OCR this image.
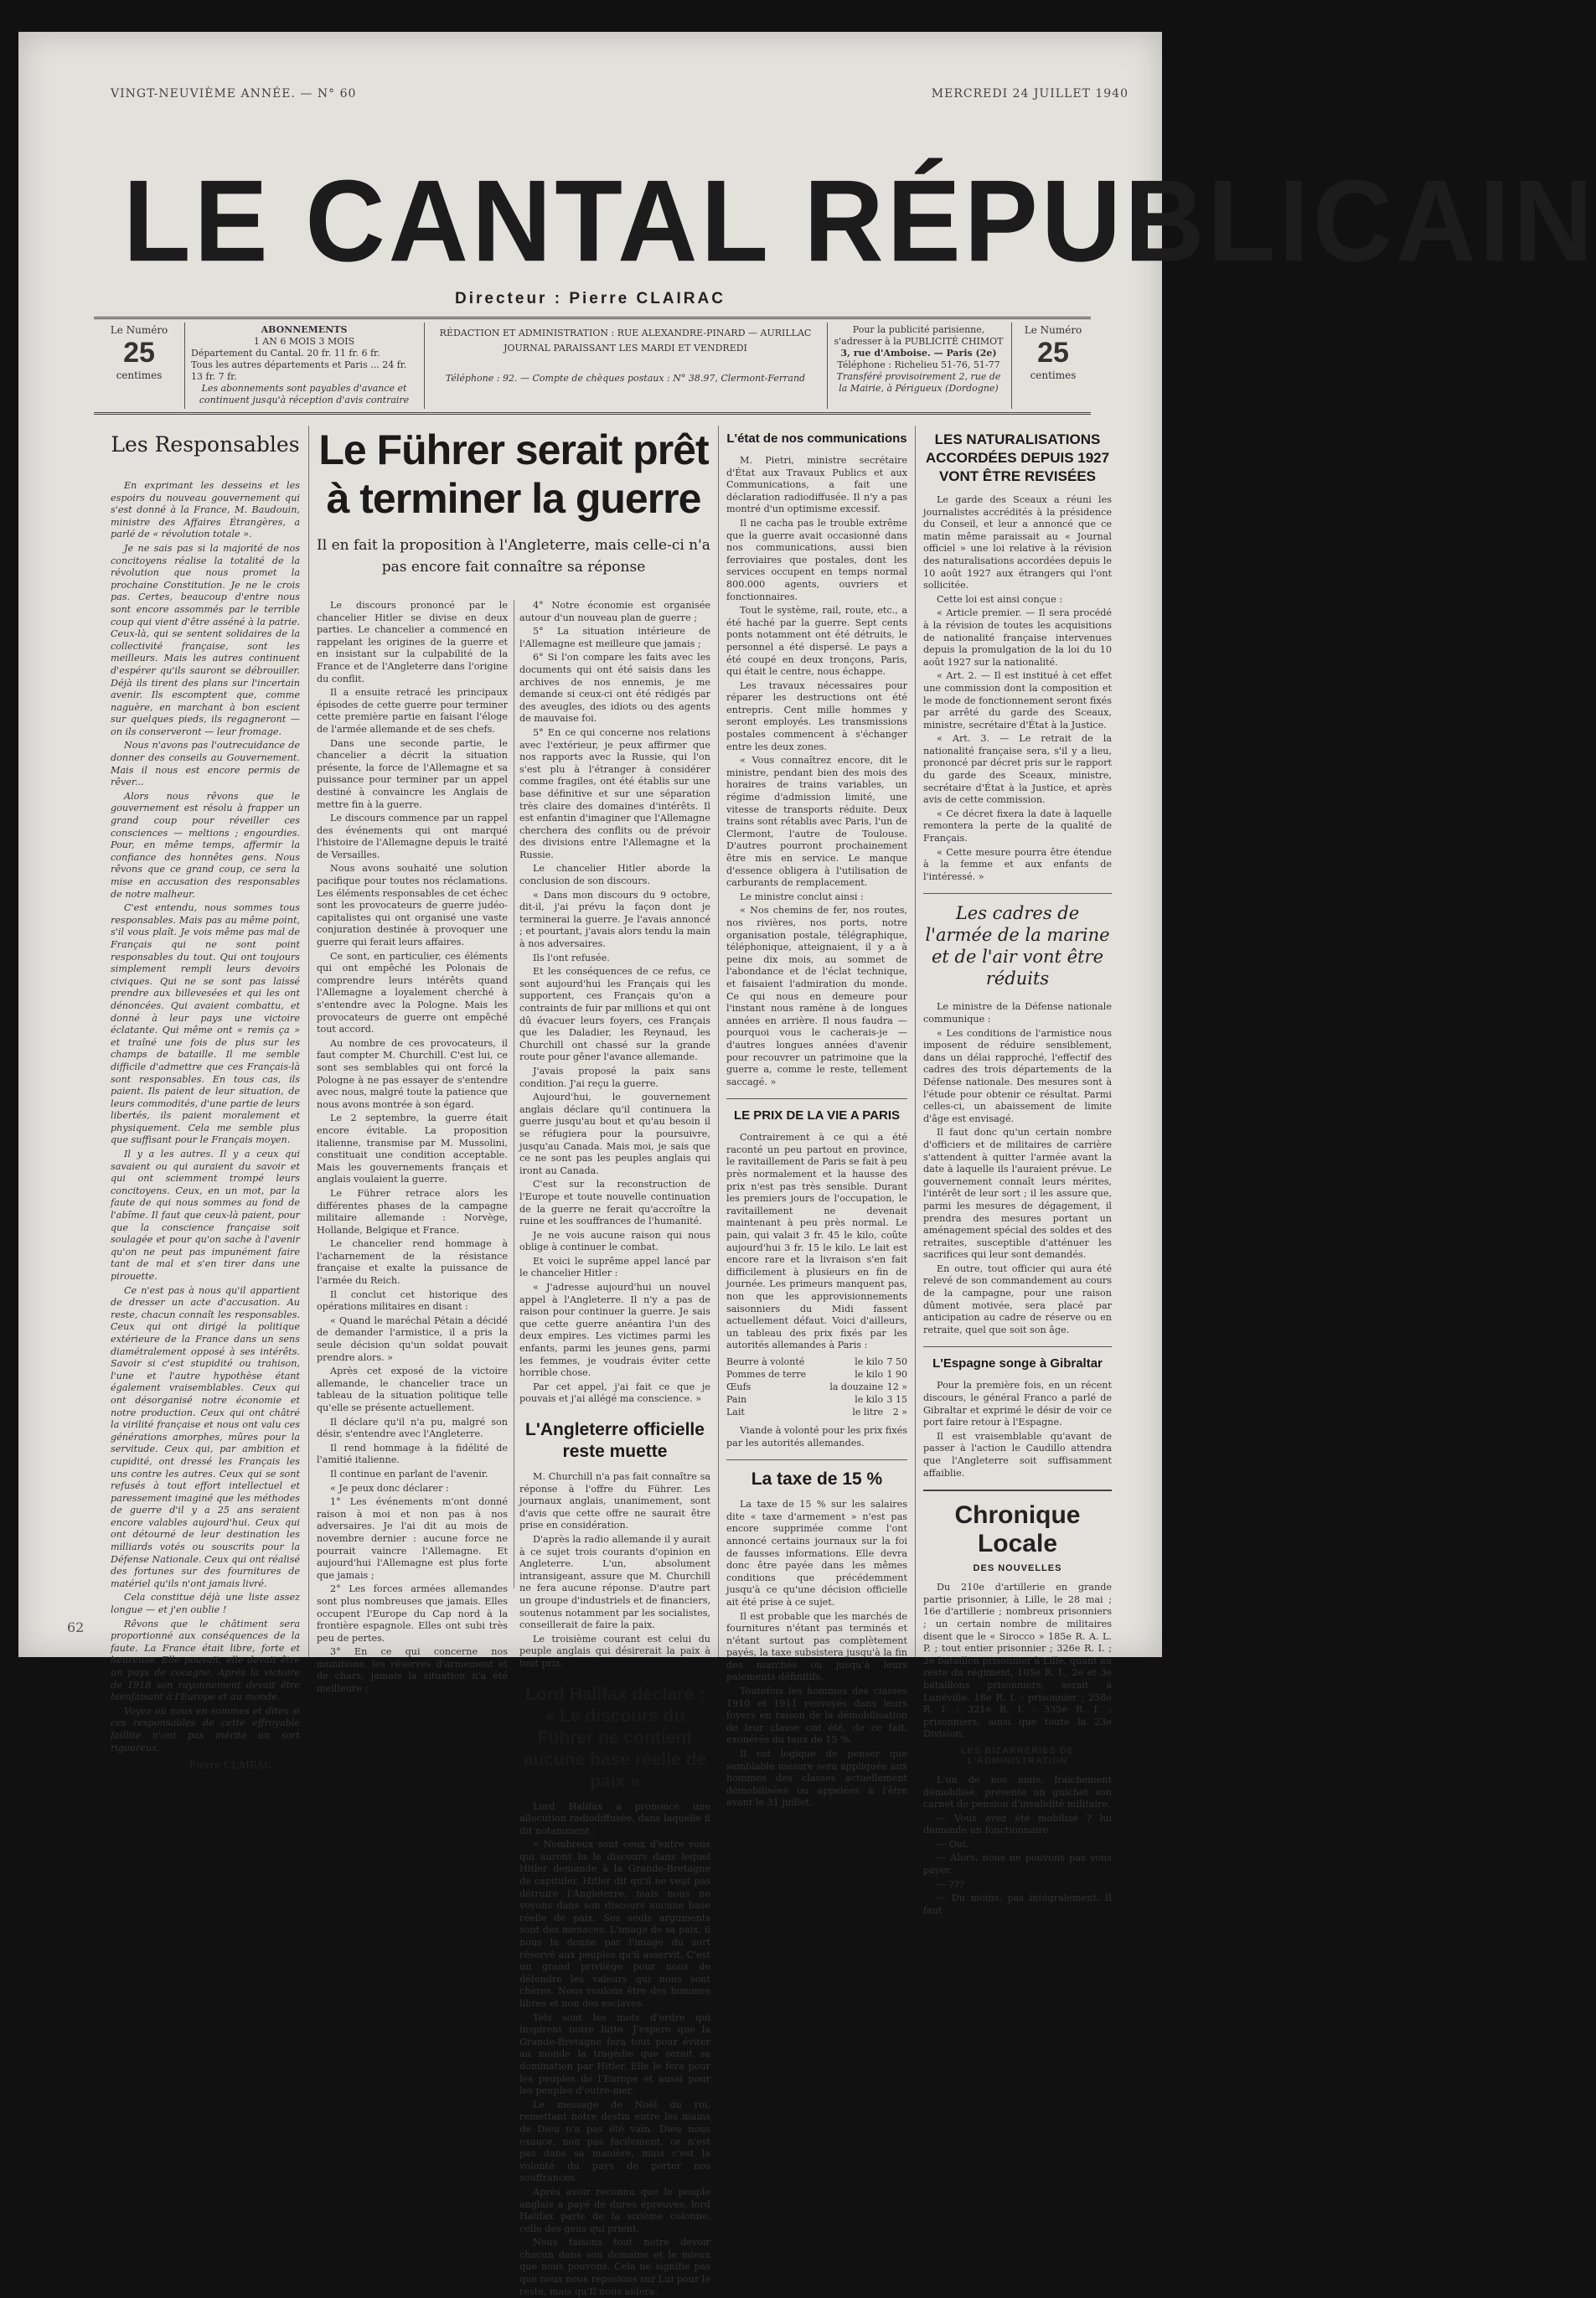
VINGT-NEUVIÈME ANNÉE. — N° 60	MERCREDI 24 JUILLET 1940
LE CANTAL RÉPUBLICAIN
Directeur : Pierre CLAIRAC
Le Numéro
25
centimes
ABONNEMENTS
1 AN 6 MOIS 3 MOIS
Département du Cantal. 20 fr. 11 fr. 6 fr.
Tous les autres départements et Paris ... 24 fr. 13 fr. 7 fr.
Les abonnements sont payables d'avance et continuent jusqu'à réception d'avis contraire
RÉDACTION ET ADMINISTRATION : RUE ALEXANDRE-PINARD — AURILLAC
JOURNAL PARAISSANT LES MARDI ET VENDREDI
Téléphone : 92. — Compte de chèques postaux : N° 38.97, Clermont-Ferrand
Pour la publicité parisienne, s'adresser à la PUBLICITÉ CHIMOT
3, rue d'Amboise. — Paris (2e)
Téléphone : Richelieu 51-76, 51-77
Transféré provisoirement 2, rue de la Mairie, à Périgueux (Dordogne)
Le Numéro
25
centimes
Les Responsables

En exprimant les desseins et les espoirs du nouveau gouvernement qui s'est donné à la France, M. Baudouin, ministre des Affaires Étrangères, a parlé de « révolution totale ».

Je ne sais pas si la majorité de nos concitoyens réalise la totalité de la révolution que nous promet la prochaine Constitution. Je ne le crois pas. Certes, beaucoup d'entre nous sont encore assommés par le terrible coup qui vient d'être asséné à la patrie. Ceux-là, qui se sentent solidaires de la collectivité française, sont les meilleurs. Mais les autres continuent d'espérer qu'ils sauront se débrouiller. Déjà ils tirent des plans sur l'incertain avenir. Ils escomptent que, comme naguère, en marchant à bon escient sur quelques pieds, ils regagneront — on ils conserveront — leur fromage.

Nous n'avons pas l'outrecuidance de donner des conseils au Gouvernement. Mais il nous est encore permis de rêver...

Alors nous rêvons que le gouvernement est résolu à frapper un grand coup pour réveiller ces consciences — meltions ; engourdies. Pour, en même temps, affermir la confiance des honnêtes gens. Nous rêvons que ce grand coup, ce sera la mise en accusation des responsables de notre malheur.

C'est entendu, nous sommes tous responsables. Mais pas au même point, s'il vous plaît. Je vois même pas mal de Français qui ne sont point responsables du tout. Qui ont toujours simplement rempli leurs devoirs civiques. Qui ne se sont pas laissé prendre aux billevesées et qui les ont dénoncées. Qui avaient combattu, et donné à leur pays une victoire éclatante. Qui même ont « remis ça » et traîné une fois de plus sur les champs de bataille. Il me semble difficile d'admettre que ces Français-là sont responsables. En tous cas, ils paient. Ils paient de leur situation, de leurs commodités, d'une partie de leurs libertés, ils paient moralement et physiquement. Cela me semble plus que suffisant pour le Français moyen.

Il y a les autres. Il y a ceux qui savaient ou qui auraient du savoir et qui ont sciemment trompé leurs concitoyens. Ceux, en un mot, par la faute de qui nous sommes au fond de l'abîme. Il faut que ceux-là paient, pour que la conscience française soit soulagée et pour qu'on sache à l'avenir qu'on ne peut pas impunément faire tant de mal et s'en tirer dans une pirouette.

Ce n'est pas à nous qu'il appartient de dresser un acte d'accusation. Au reste, chacun connaît les responsables. Ceux qui ont dirigé la politique extérieure de la France dans un sens diamétralement opposé à ses intérêts. Savoir si c'est stupidité ou trahison, l'une et l'autre hypothèse étant également vraisemblables. Ceux qui ont désorganisé notre économie et notre production. Ceux qui ont châtré la virilité française et nous ont valu ces générations amorphes, mûres pour la servitude. Ceux qui, par ambition et cupidité, ont dressé les Français les uns contre les autres. Ceux qui se sont refusés à tout effort intellectuel et paressement imaginé que les méthodes de guerre d'il y a 25 ans seraient encore valables aujourd'hui. Ceux qui ont détourné de leur destination les milliards votés ou souscrits pour la Défense Nationale. Ceux qui ont réalisé des fortunes sur des fournitures de matériel qu'ils n'ont jamais livré.

Cela constitue déjà une liste assez longue — et j'en oublie !

Rêvons que le châtiment sera proportionné aux conséquences de la faute. La France était libre, forte et heureuse. Elle pouvait, elle devait être un pays de cocagne. Après la victoire de 1918 son rayonnement devait être bienfaisant à l'Europe et au monde.

Voyez où nous en sommes et dites si ces responsables de cette effroyable faillite n'ont pas mérité un sort rigoureux.

Pierre CLAIRAC.
Le Führer serait prêt à terminer la guerre
Il en fait la proposition à l'Angleterre, mais celle-ci n'a pas encore fait connaître sa réponse

Le discours prononcé par le chancelier Hitler se divise en deux parties. Le chancelier a commencé en rappelant les origines de la guerre et en insistant sur la culpabilité de la France et de l'Angleterre dans l'origine du conflit.

Il a ensuite retracé les principaux épisodes de cette guerre pour terminer cette première partie en faisant l'éloge de l'armée allemande et de ses chefs.

Dans une seconde partie, le chancelier a décrit la situation présente, la force de l'Allemagne et sa puissance pour terminer par un appel destiné à convaincre les Anglais de mettre fin à la guerre.

Le discours commence par un rappel des événements qui ont marqué l'histoire de l'Allemagne depuis le traité de Versailles.

Nous avons souhaité une solution pacifique pour toutes nos réclamations. Les éléments responsables de cet échec sont les provocateurs de guerre judéo-capitalistes qui ont organisé une vaste conjuration destinée à provoquer une guerre qui ferait leurs affaires.

Ce sont, en particulier, ces éléments qui ont empêché les Polonais de comprendre leurs intérêts quand l'Allemagne a loyalement cherché à s'entendre avec la Pologne. Mais les provocateurs de guerre ont empêché tout accord.

Au nombre de ces provocateurs, il faut compter M. Churchill. C'est lui, ce sont ses semblables qui ont forcé la Pologne à ne pas essayer de s'entendre avec nous, malgré toute la patience que nous avons montrée à son égard.

Le 2 septembre, la guerre était encore évitable. La proposition italienne, transmise par M. Mussolini, constituait une condition acceptable. Mais les gouvernements français et anglais voulaient la guerre.

Le Führer retrace alors les différentes phases de la campagne militaire allemande : Norvège, Hollande, Belgique et France.

Le chancelier rend hommage à l'acharnement de la résistance française et exalte la puissance de l'armée du Reich.

Il conclut cet historique des opérations militaires en disant :

« Quand le maréchal Pétain a décidé de demander l'armistice, il a pris la seule décision qu'un soldat pouvait prendre alors. »

Après cet exposé de la victoire allemande, le chancelier trace un tableau de la situation politique telle qu'elle se présente actuellement.

Il déclare qu'il n'a pu, malgré son désir, s'entendre avec l'Angleterre.

Il rend hommage à la fidélité de l'amitié italienne.

Il continue en parlant de l'avenir.

« Je peux donc déclarer :

1° Les événements m'ont donné raison à moi et non pas à nos adversaires. Je l'ai dit au mois de novembre dernier : aucune force ne pourrait vaincre l'Allemagne. Et aujourd'hui l'Allemagne est plus forte que jamais ;

2° Les forces armées allemandes sont plus nombreuses que jamais. Elles occupent l'Europe du Cap nord à la frontière espagnole. Elles ont subi très peu de pertes.

3° En ce qui concerne nos munitions, les réserves d'armement et de chars, jamais la situation n'a été meilleure ;

4° Notre économie est organisée autour d'un nouveau plan de guerre ;

5° La situation intérieure de l'Allemagne est meilleure que jamais ;

6° Si l'on compare les faits avec les documents qui ont été saisis dans les archives de nos ennemis, je me demande si ceux-ci ont été rédigés par des aveugles, des idiots ou des agents de mauvaise foi.

5° En ce qui concerne nos relations avec l'extérieur, je peux affirmer que nos rapports avec la Russie, qui l'on s'est plu à l'étranger à considérer comme fragiles, ont été établis sur une base définitive et sur une séparation très claire des domaines d'intérêts. Il est enfantin d'imaginer que l'Allemagne cherchera des conflits ou de prévoir des divisions entre l'Allemagne et la Russie.

Le chancelier Hitler aborde la conclusion de son discours.

« Dans mon discours du 9 octobre, dit-il, j'ai prévu la façon dont je terminerai la guerre. Je l'avais annoncé ; et pourtant, j'avais alors tendu la main à nos adversaires.

Ils l'ont refusée.

Et les conséquences de ce refus, ce sont aujourd'hui les Français qui les supportent, ces Français qu'on a contraints de fuir par millions et qui ont dû évacuer leurs foyers, ces Français que les Daladier, les Reynaud, les Churchill ont chassé sur la grande route pour gêner l'avance allemande.

J'avais proposé la paix sans condition. J'ai reçu la guerre.

Aujourd'hui, le gouvernement anglais déclare qu'il continuera la guerre jusqu'au bout et qu'au besoin il se réfugiera pour la poursuivre, jusqu'au Canada. Mais moi, je sais que ce ne sont pas les peuples anglais qui iront au Canada.

C'est sur la reconstruction de l'Europe et toute nouvelle continuation de la guerre ne ferait qu'accroître la ruine et les souffrances de l'humanité.

Je ne vois aucune raison qui nous oblige à continuer le combat.

Et voici le suprême appel lancé par le chancelier Hitler :

« J'adresse aujourd'hui un nouvel appel à l'Angleterre. Il n'y a pas de raison pour continuer la guerre. Je sais que cette guerre anéantira l'un des deux empires. Les victimes parmi les enfants, parmi les jeunes gens, parmi les femmes, je voudrais éviter cette horrible chose.

Par cet appel, j'ai fait ce que je pouvais et j'ai allégé ma conscience. »

L'Angleterre officielle reste muette

M. Churchill n'a pas fait connaître sa réponse à l'offre du Führer. Les journaux anglais, unanimement, sont d'avis que cette offre ne saurait être prise en considération.

D'après la radio allemande il y aurait à ce sujet trois courants d'opinion en Angleterre. L'un, absolument intransigeant, assure que M. Churchill ne fera aucune réponse. D'autre part un groupe d'industriels et de financiers, soutenus notamment par les socialistes, conseillerait de faire la paix.

Le troisième courant est celui du peuple anglais qui désirerait la paix à tout prix.

Lord Halifax déclare : « Le discours du Führer ne contient aucune base réelle de paix »

Lord Halifax a prononcé une allocution radiodiffusée, dans laquelle il dit notamment :

« Nombreux sont ceux d'entre vous qui auront lu le discours dans lequel Hitler demande à la Grande-Bretagne de capituler. Hitler dit qu'il ne veut pas détruire l'Angleterre, mais nous ne voyons dans son discours aucune base réelle de paix. Ses seuls arguments sont des menaces. L'image de sa paix, il nous la donne par l'image du sort réservé aux peuples qu'il asservit. C'est un grand privilège pour nous de défendre les valeurs qui nous sont chères. Nous voulons être des hommes libres et non des esclaves.

Tels sont les mots d'ordre qui inspirent notre lutte. J'espère que la Grande-Bretagne fera tout pour éviter au monde la tragédie que serait sa domination par Hitler. Elle le fera pour les peuples de l'Europe et aussi pour les peuples d'outre-mer.

Le message de Noël du roi, remettant notre destin entre les mains de Dieu n'a pas été vain. Dieu nous exauce, non pas facilement, ce n'est pas dans sa manière, mais c'est la volonté du pays de porter nos souffrances.

Après avoir reconnu que le peuple anglais a payé de dures épreuves, lord Halifax parle de la sixième colonne, celle des gens qui prient.

Nous faisons tout notre devoir chacun dans son domaine et le mieux que nous pouvons. Cela ne signifie pas que nous nous reposions sur Lui pour le reste, mais qu'Il nous aidera.

L'état de nos communications

M. Pietri, ministre secrétaire d'État aux Travaux Publics et aux Communications, a fait une déclaration radiodiffusée. Il n'y a pas montré d'un optimisme excessif.

Il ne cacha pas le trouble extrême que la guerre avait occasionné dans nos communications, aussi bien ferroviaires que postales, dont les services occupent en temps normal 800.000 agents, ouvriers et fonctionnaires.

Tout le système, rail, route, etc., a été haché par la guerre. Sept cents ponts notamment ont été détruits, le personnel a été dispersé. Le pays a été coupé en deux tronçons, Paris, qui était le centre, nous échappe.

Les travaux nécessaires pour réparer les destructions ont été entrepris. Cent mille hommes y seront employés. Les transmissions postales commencent à s'échanger entre les deux zones.

« Vous connaîtrez encore, dit le ministre, pendant bien des mois des horaires de trains variables, un régime d'admission limité, une vitesse de transports réduite. Deux trains sont rétablis avec Paris, l'un de Clermont, l'autre de Toulouse. D'autres pourront prochainement être mis en service. Le manque d'essence obligera à l'utilisation de carburants de remplacement.

Le ministre conclut ainsi :

« Nos chemins de fer, nos routes, nos rivières, nos ports, notre organisation postale, télégraphique, téléphonique, atteignaient, il y a à peine dix mois, au sommet de l'abondance et de l'éclat technique, et faisaient l'admiration du monde. Ce qui nous en demeure pour l'instant nous ramène à de longues années en arrière. Il nous faudra — pourquoi vous le cacherais-je — d'autres longues années d'avenir pour recouvrer un patrimoine que la guerre a, comme le reste, tellement saccagé. »

LE PRIX DE LA VIE A PARIS

Contrairement à ce qui a été raconté un peu partout en province, le ravitaillement de Paris se fait à peu près normalement et la hausse des prix n'est pas très sensible. Durant les premiers jours de l'occupation, le ravitaillement ne devenait maintenant à peu près normal. Le pain, qui valait 3 fr. 45 le kilo, coûte aujourd'hui 3 fr. 15 le kilo. Le lait est encore rare et la livraison s'en fait difficilement à plusieurs en fin de journée. Les primeurs manquent pas, non que les approvisionnements saisonniers du Midi fassent actuellement défaut. Voici d'ailleurs, un tableau des prix fixés par les autorités allemandes à Paris :

Beurre à volonté	le kilo	7 50
Pommes de terre	le kilo	1 90
Œufs	la douzaine	12 »
Pain	le kilo	3 15
Lait	le litre	2 »
Viande à volonté pour les prix fixés par les autorités allemandes.
La taxe de 15 %

La taxe de 15 % sur les salaires dite « taxe d'armement » n'est pas encore supprimée comme l'ont annoncé certains journaux sur la foi de fausses informations. Elle devra donc être payée dans les mêmes conditions que précédemment jusqu'à ce qu'une décision officielle ait été prise à ce sujet.

Il est probable que les marchés de fournitures n'étant pas terminés et n'étant surtout pas complètement payés, la taxe subsistera jusqu'à la fin des marchés ou jusqu'à leurs paiements définitifs.

Toutefois les hommes des classes 1910 et 1911 renvoyés dans leurs foyers en raison de la démobilisation de leur classe ont été, de ce fait, exonérés du taux de 15 %.

Il est logique de penser que semblable mesure sera appliquée aux hommes des classes actuellement démobilisées ou appelées à l'être avant le 31 juillet.

LES NATURALISATIONS ACCORDÉES DEPUIS 1927 VONT ÊTRE REVISÉES

Le garde des Sceaux a réuni les journalistes accrédités à la présidence du Conseil, et leur a annoncé que ce matin même paraissait au « Journal officiel » une loi relative à la révision des naturalisations accordées depuis le 10 août 1927 aux étrangers qui l'ont sollicitée.

Cette loi est ainsi conçue :

« Article premier. — Il sera procédé à la révision de toutes les acquisitions de nationalité française intervenues depuis la promulgation de la loi du 10 août 1927 sur la nationalité.

« Art. 2. — Il est institué à cet effet une commission dont la composition et le mode de fonctionnement seront fixés par arrêté du garde des Sceaux, ministre, secrétaire d'État à la Justice.

« Art. 3. — Le retrait de la nationalité française sera, s'il y a lieu, prononcé par décret pris sur le rapport du garde des Sceaux, ministre, secrétaire d'État à la Justice, et après avis de cette commission.

« Ce décret fixera la date à laquelle remontera la perte de la qualité de Français.

« Cette mesure pourra être étendue à la femme et aux enfants de l'intéressé. »

Les cadres de l'armée de la marine et de l'air vont être réduits

Le ministre de la Défense nationale communique :

« Les conditions de l'armistice nous imposent de réduire sensiblement, dans un délai rapproché, l'effectif des cadres des trois départements de la Défense nationale. Des mesures sont à l'étude pour obtenir ce résultat. Parmi celles-ci, un abaissement de limite d'âge est envisagé.

Il faut donc qu'un certain nombre d'officiers et de militaires de carrière s'attendent à quitter l'armée avant la date à laquelle ils l'auraient prévue. Le gouvernement connaît leurs mérites, l'intérêt de leur sort ; il les assure que, parmi les mesures de dégagement, il prendra des mesures portant un aménagement spécial des soldes et des retraites, susceptible d'atténuer les sacrifices qui leur sont demandés.

En outre, tout officier qui aura été relevé de son commandement au cours de la campagne, pour une raison dûment motivée, sera placé par anticipation au cadre de réserve ou en retraite, quel que soit son âge.

L'Espagne songe à Gibraltar

Pour la première fois, en un récent discours, le général Franco a parlé de Gibraltar et exprimé le désir de voir ce port faire retour à l'Espagne.

Il est vraisemblable qu'avant de passer à l'action le Caudillo attendra que l'Angleterre soit suffisamment affaiblie.

Chronique Locale
DES NOUVELLES

Du 210e d'artillerie en grande partie prisonnier, à Lille, le 28 mai ; 16e d'artillerie ; nombreux prisonniers ; un certain nombre de militaires disent que le « Sirocco » 185e R. A. L. P. ; tout entier prisonnier ; 326e R. I. ; 2e bataillon prisonnier à Lille, quant au reste du régiment, 105e R. I., 2e et 3e bataillons prisonniers, serait à Lunéville. 18e R. I. : prisonnier ; 258e R. I. : 321e R. I. : 335e R. I. : prisonniers, ainsi que toute la 23e Division.

LES BIZARRERIES DE L'ADMINISTRATION

L'un de nos amis, fraîchement démobilisé, présente un guichet son carnet de pension d'invalidité militaire.

— Vous avez été mobilisé ? lui demande un fonctionnaire.

— Oui.

— Alors, nous ne pouvons pas vous payer.

— ???

— Du moins, pas intégralement. Il faut

62
